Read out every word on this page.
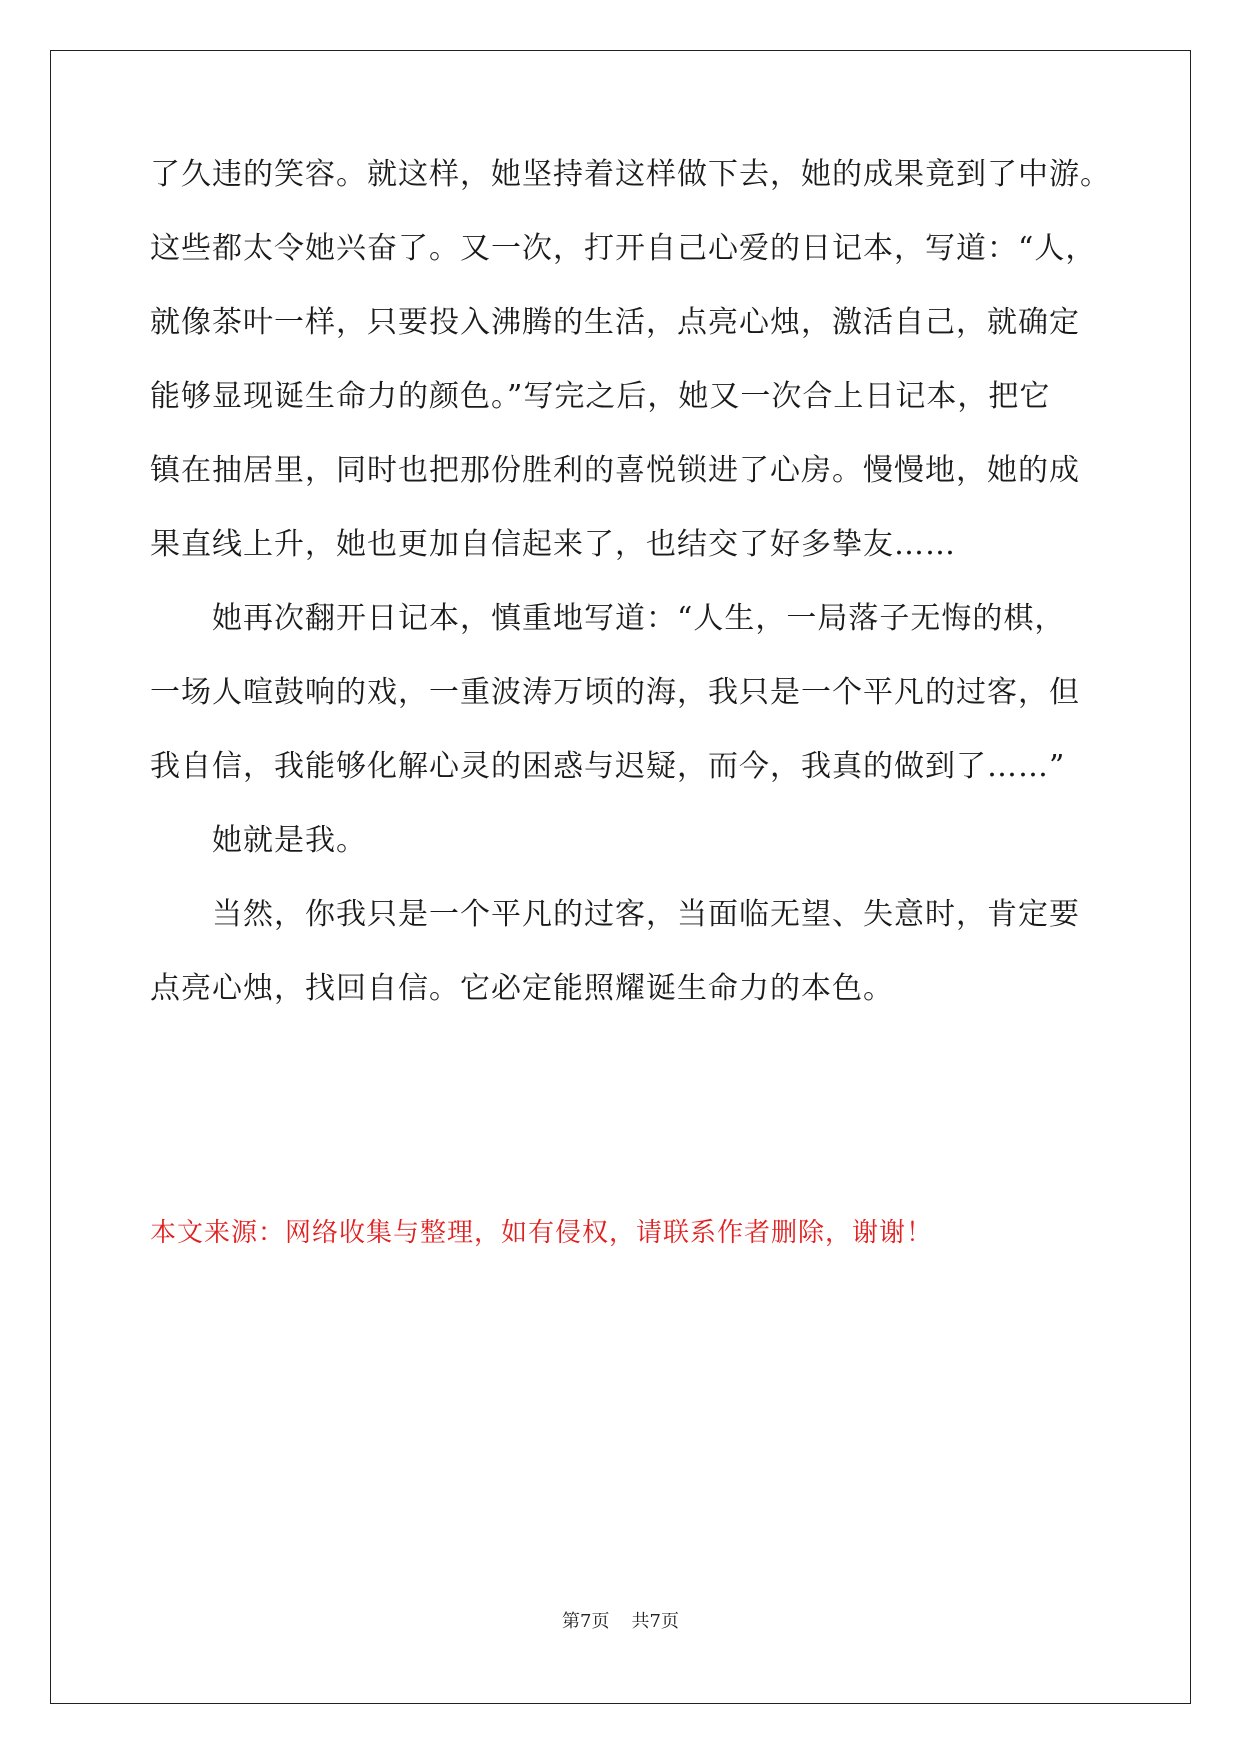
了久违的笑容。就这样，她坚持着这样做下去，她的成果竟到了中游。
这些都太令她兴奋了。又一次，打开自己心爱的日记本，写道：“人，
就像茶叶一样，只要投入沸腾的生活，点亮心烛，激活自己，就确定
能够显现诞生命力的颜色。”写完之后，她又一次合上日记本，把它
镇在抽居里，同时也把那份胜利的喜悦锁进了心房。慢慢地，她的成
果直线上升，她也更加自信起来了，也结交了好多挚友……
她再次翻开日记本，慎重地写道：“人生，一局落子无悔的棋，
一场人喧鼓响的戏，一重波涛万顷的海，我只是一个平凡的过客，但
我自信，我能够化解心灵的困惑与迟疑，而今，我真的做到了……”
她就是我。
当然，你我只是一个平凡的过客，当面临无望、失意时，肯定要
点亮心烛，找回自信。它必定能照耀诞生命力的本色。
本文来源：网络收集与整理，如有侵权，请联系作者删除，谢谢！
第7页 共7页
